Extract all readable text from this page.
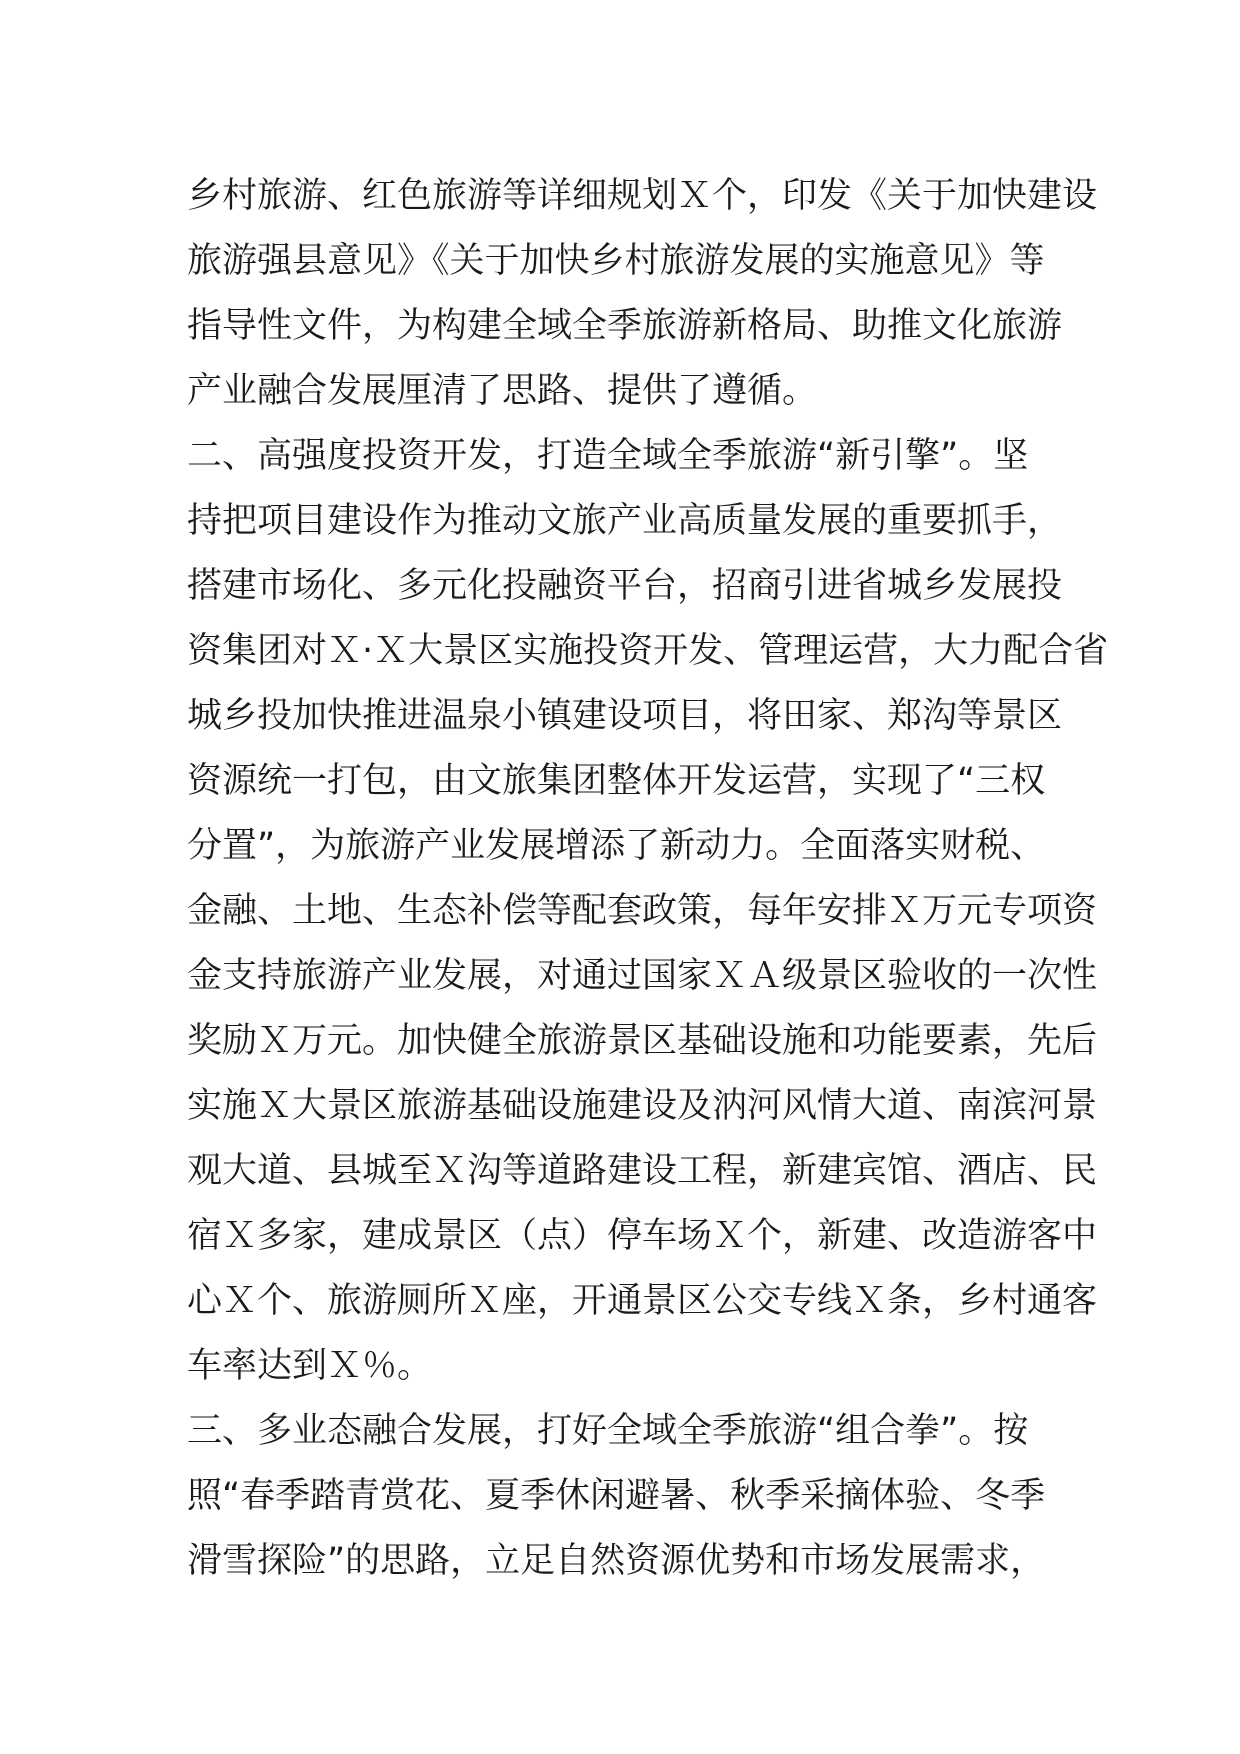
乡村旅游、红色旅游等详细规划Ｘ个，印发《关于加快建设
旅游强县意见》《关于加快乡村旅游发展的实施意见》等
指导性文件，为构建全域全季旅游新格局、助推文化旅游
产业融合发展厘清了思路、提供了遵循。
二、高强度投资开发，打造全域全季旅游“新引擎”。坚
持把项目建设作为推动文旅产业高质量发展的重要抓手，
搭建市场化、多元化投融资平台，招商引进省城乡发展投
资集团对Ｘ·Ｘ大景区实施投资开发、管理运营，大力配合省
城乡投加快推进温泉小镇建设项目，将田家、郑沟等景区
资源统一打包，由文旅集团整体开发运营，实现了“三权
分置”，为旅游产业发展增添了新动力。全面落实财税、
金融、土地、生态补偿等配套政策，每年安排Ｘ万元专项资
金支持旅游产业发展，对通过国家ＸＡ级景区验收的一次性
奖励Ｘ万元。加快健全旅游景区基础设施和功能要素，先后
实施Ｘ大景区旅游基础设施建设及汭河风情大道、南滨河景
观大道、县城至Ｘ沟等道路建设工程，新建宾馆、酒店、民
宿Ｘ多家，建成景区（点）停车场Ｘ个，新建、改造游客中
心Ｘ个、旅游厕所Ｘ座，开通景区公交专线Ｘ条，乡村通客
车率达到Ｘ％。
三、多业态融合发展，打好全域全季旅游“组合拳”。按
照“春季踏青赏花、夏季休闲避暑、秋季采摘体验、冬季
滑雪探险”的思路，立足自然资源优势和市场发展需求，
